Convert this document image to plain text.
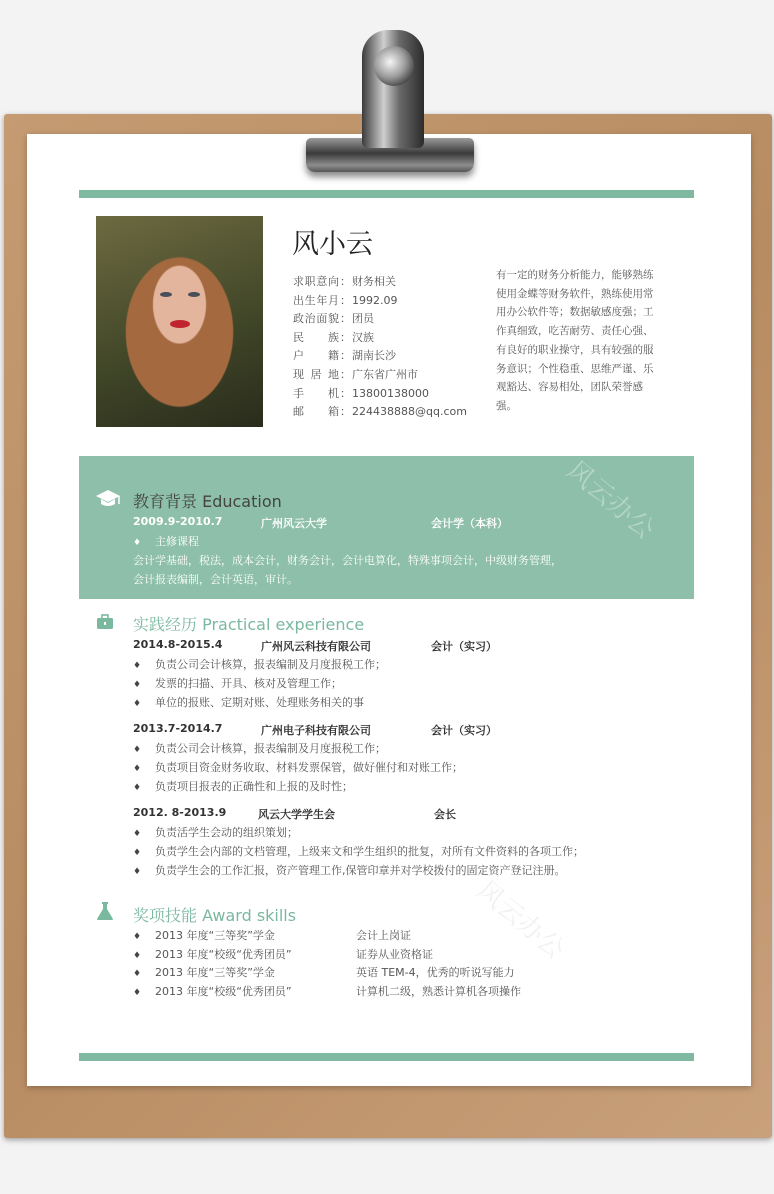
风小云
求职意向：财务相关
出生年月：1992.09
政治面貌：团员
民族：汉族
户籍：湖南长沙
现居地：广东省广州市
手机：13800138000
邮箱：224438888@qq.com

有一定的财务分析能力，能够熟练使用金蝶等财务软件，熟练使用常用办公软件等；数据敏感度强；工作真细致，吃苦耐劳、责任心强、有良好的职业操守，具有较强的服务意识；个性稳重、思维严谨、乐观豁达、容易相处，团队荣誉感强。

教育背景 Education
2009.9-2010.7	广州风云大学	会计学（本科）
♦ 主修课程
会计学基础，税法，成本会计，财务会计，会计电算化，特殊事项会计，中级财务管理，
会计报表编制，会计英语，审计。
实践经历 Practical experience
2014.8-2015.4	广州风云科技有限公司	会计（实习）
♦ 负责公司会计核算，报表编制及月度报税工作；
♦ 发票的扫描、开具、核对及管理工作；
♦ 单位的报账、定期对账、处理账务相关的事
2013.7-2014.7	广州电子科技有限公司	会计（实习）
♦ 负责公司会计核算，报表编制及月度报税工作；
♦ 负责项目资金财务收取、材料发票保管，做好催付和对账工作；
♦ 负责项目报表的正确性和上报的及时性；
2012. 8-2013.9	风云大学学生会	会长
♦ 负责活学生会动的组织策划；
♦ 负责学生会内部的文档管理，上级来文和学生组织的批复，对所有文件资料的各项工作；
♦ 负责学生会的工作汇报，资产管理工作,保管印章并对学校拨付的固定资产登记注册。
奖项技能 Award skills
♦ 2013 年度“三等奖”学金	会计上岗证
♦ 2013 年度“校级“优秀团员”	证券从业资格证
♦ 2013 年度“三等奖”学金	英语 TEM-4，优秀的听说写能力
♦ 2013 年度“校级“优秀团员”	计算机二级，熟悉计算机各项操作
风云办公
